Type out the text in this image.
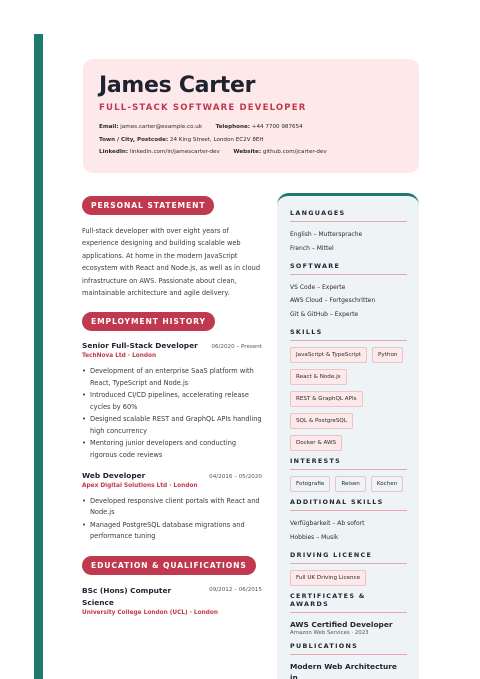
James Carter
FULL-STACK SOFTWARE DEVELOPER
Email: james.carter@example.co.uk Telephone: +44 7700 987654
Town / City, Postcode: 24 King Street, London EC2V 8EH
LinkedIn: linkedin.com/in/jamescarter-dev Website: github.com/jcarter-dev
PERSONAL STATEMENT
Full-stack developer with over eight years of experience designing and building scalable web applications. At home in the modern JavaScript ecosystem with React and Node.js, as well as in cloud infrastructure on AWS. Passionate about clean, maintainable architecture and agile delivery.
EMPLOYMENT HISTORY
Senior Full-Stack Developer 06/2020 – Present
TechNova Ltd · London
• Development of an enterprise SaaS platform with React, TypeScript and Node.js
• Introduced CI/CD pipelines, accelerating release cycles by 60%
• Designed scalable REST and GraphQL APIs handling high concurrency
• Mentoring junior developers and conducting rigorous code reviews
Web Developer	04/2016 – 05/2020
Apex Digital Solutions Ltd · London
• Developed responsive client portals with React and Node.js
• Managed PostgreSQL database migrations and performance tuning
EDUCATION & QUALIFICATIONS
BSc (Hons) Computer
Science
09/2012 – 06/2015
University College London (UCL) · London
LANGUAGES
English – Muttersprache
French – Mittel
SOFTWARE
VS Code – Experte
AWS Cloud – Fortgeschritten
Git & GitHub – Experte
SKILLS
JavaScript & TypeScript	Python
React & Node.js
REST & GraphQL APIs
SQL & PostgreSQL
Docker & AWS
INTERESTS
Fotografie	Reisen	Kochen
ADDITIONAL SKILLS
Verfügbarkeit – Ab sofort
Hobbies – Musik
DRIVING LICENCE
Full UK Driving Licence
CERTIFICATES & AWARDS
AWS Certified Developer
Amazon Web Services · 2023
PUBLICATIONS
Modern Web Architecture in
